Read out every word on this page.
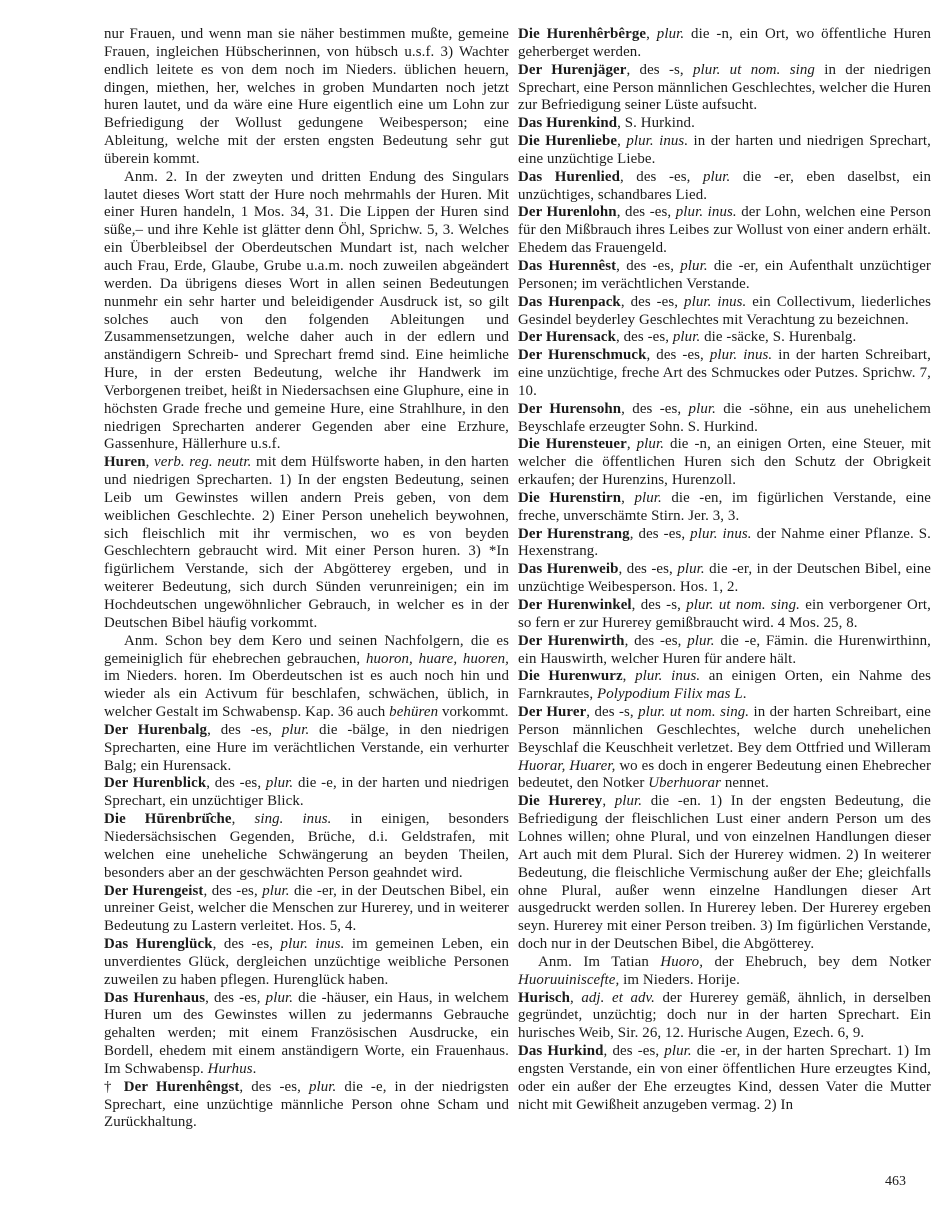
nur Frauen, und wenn man sie näher bestimmen mußte, gemeine Frauen, ingleichen Hübscherinnen, von hübsch u.s.f. 3) Wachter endlich leitete es von dem noch im Nieders. üblichen heuern, dingen, miethen, her, welches in groben Mundarten noch jetzt huren lautet, und da wäre eine Hure eigentlich eine um Lohn zur Befriedigung der Wollust gedungene Weibesperson; eine Ableitung, welche mit der ersten engsten Bedeutung sehr gut überein kommt.

Anm. 2. In der zweyten und dritten Endung des Singulars lautet dieses Wort statt der Hure noch mehrmahls der Huren. Mit einer Huren handeln, 1 Mos. 34, 31. Die Lippen der Huren sind süße,– und ihre Kehle ist glätter denn Öhl, Sprichw. 5, 3. Welches ein Überbleibsel der Oberdeutschen Mundart ist, nach welcher auch Frau, Erde, Glaube, Grube u.a.m. noch zuweilen abgeändert werden. Da übrigens dieses Wort in allen seinen Bedeutungen nunmehr ein sehr harter und beleidigender Ausdruck ist, so gilt solches auch von den folgenden Ableitungen und Zusammensetzungen, welche daher auch in der edlern und anständigern Schreib- und Sprechart fremd sind. Eine heimliche Hure, in der ersten Bedeutung, welche ihr Handwerk im Verborgenen treibet, heißt in Niedersachsen eine Gluphure, eine in höchsten Grade freche und gemeine Hure, eine Strahlhure, in den niedrigen Sprecharten anderer Gegenden aber eine Erzhure, Gassenhure, Hällerhure u.s.f.

Huren, verb. reg. neutr. mit dem Hülfsworte haben, in den harten und niedrigen Sprecharten. 1) In der engsten Bedeutung, seinen Leib um Gewinstes willen andern Preis geben, von dem weiblichen Geschlechte. 2) Einer Person unehelich beywohnen, sich fleischlich mit ihr vermischen, wo es von beyden Geschlechtern gebraucht wird. Mit einer Person huren. 3) *In figürlichem Verstande, sich der Abgötterey ergeben, und in weiterer Bedeutung, sich durch Sünden verunreinigen; ein im Hochdeutschen ungewöhnlicher Gebrauch, in welcher es in der Deutschen Bibel häufig vorkommt.

Anm. Schon bey dem Kero und seinen Nachfolgern, die es gemeiniglich für ehebrechen gebrauchen, huoron, huare, huoren, im Nieders. horen. Im Oberdeutschen ist es auch noch hin und wieder als ein Activum für beschlafen, schwächen, üblich, in welcher Gestalt im Schwabensp. Kap. 36 auch behüren vorkommt.

Der Hurenbalg, des -es, plur. die -bälge, in den niedrigen Sprecharten, eine Hure im verächtlichen Verstande, ein verhurter Balg; ein Hurensack.

Der Hurenblick, des -es, plur. die -e, in der harten und niedrigen Sprechart, ein unzüchtiger Blick.

Die Hūrenbrü̂che, sing. inus. in einigen, besonders Niedersächsischen Gegenden, Brüche, d.i. Geldstrafen, mit welchen eine uneheliche Schwängerung an beyden Theilen, besonders aber an der geschwächten Person geahndet wird.

Der Hurengeist, des -es, plur. die -er, in der Deutschen Bibel, ein unreiner Geist, welcher die Menschen zur Hurerey, und in weiterer Bedeutung zu Lastern verleitet. Hos. 5, 4.

Das Hurenglück, des -es, plur. inus. im gemeinen Leben, ein unverdientes Glück, dergleichen unzüchtige weibliche Personen zuweilen zu haben pflegen. Hurenglück haben.

Das Hurenhaus, des -es, plur. die -häuser, ein Haus, in welchem Huren um des Gewinstes willen zu jedermanns Gebrauche gehalten werden; mit einem Französischen Ausdrucke, ein Bordell, ehedem mit einem anständigern Worte, ein Frauenhaus. Im Schwabensp. Hurhus.

† Der Hurenhêngst, des -es, plur. die -e, in der niedrigsten Sprechart, eine unzüchtige männliche Person ohne Scham und Zurückhaltung.

Die Hurenhêrbêrge, plur. die -n, ein Ort, wo öffentliche Huren geherberget werden.

Der Hurenjäger, des -s, plur. ut nom. sing in der niedrigen Sprechart, eine Person männlichen Geschlechtes, welcher die Huren zur Befriedigung seiner Lüste aufsucht.

Das Hurenkind, S. Hurkind.

Die Hurenliebe, plur. inus. in der harten und niedrigen Sprechart, eine unzüchtige Liebe.

Das Hurenlied, des -es, plur. die -er, eben daselbst, ein unzüchtiges, schandbares Lied.

Der Hurenlohn, des -es, plur. inus. der Lohn, welchen eine Person für den Mißbrauch ihres Leibes zur Wollust von einer andern erhält. Ehedem das Frauengeld.

Das Hurennêst, des -es, plur. die -er, ein Aufenthalt unzüchtiger Personen; im verächtlichen Verstande.

Das Hurenpack, des -es, plur. inus. ein Collectivum, liederliches Gesindel beyderley Geschlechtes mit Verachtung zu bezeichnen.

Der Hurensack, des -es, plur. die -säcke, S. Hurenbalg.

Der Hurenschmuck, des -es, plur. inus. in der harten Schreibart, eine unzüchtige, freche Art des Schmuckes oder Putzes. Sprichw. 7, 10.

Der Hurensohn, des -es, plur. die -söhne, ein aus unehelichem Beyschlafe erzeugter Sohn. S. Hurkind.

Die Hurensteuer, plur. die -n, an einigen Orten, eine Steuer, mit welcher die öffentlichen Huren sich den Schutz der Obrigkeit erkaufen; der Hurenzins, Hurenzoll.

Die Hurenstirn, plur. die -en, im figürlichen Verstande, eine freche, unverschämte Stirn. Jer. 3, 3.

Der Hurenstrang, des -es, plur. inus. der Nahme einer Pflanze. S. Hexenstrang.

Das Hurenweib, des -es, plur. die -er, in der Deutschen Bibel, eine unzüchtige Weibesperson. Hos. 1, 2.

Der Hurenwinkel, des -s, plur. ut nom. sing. ein verborgener Ort, so fern er zur Hurerey gemißbraucht wird. 4 Mos. 25, 8.

Der Hurenwirth, des -es, plur. die -e, Fämin. die Hurenwirthinn, ein Hauswirth, welcher Huren für andere hält.

Die Hurenwurz, plur. inus. an einigen Orten, ein Nahme des Farnkrautes, Polypodium Filix mas L.

Der Hurer, des -s, plur. ut nom. sing. in der harten Schreibart, eine Person männlichen Geschlechtes, welche durch unehelichen Beyschlaf die Keuschheit verletzet. Bey dem Ottfried und Willeram Huorar, Huarer, wo es doch in engerer Bedeutung einen Ehebrecher bedeutet, den Notker Uberhuorar nennet.

Die Hurerey, plur. die -en. 1) In der engsten Bedeutung, die Befriedigung der fleischlichen Lust einer andern Person um des Lohnes willen; ohne Plural, und von einzelnen Handlungen dieser Art auch mit dem Plural. Sich der Hurerey widmen. 2) In weiterer Bedeutung, die fleischliche Vermischung außer der Ehe; gleichfalls ohne Plural, außer wenn einzelne Handlungen dieser Art ausgedruckt werden sollen. In Hurerey leben. Der Hurerey ergeben seyn. Hurerey mit einer Person treiben. 3) Im figürlichen Verstande, doch nur in der Deutschen Bibel, die Abgötterey.

Anm. Im Tatian Huoro, der Ehebruch, bey dem Notker Huoruuiniscefte, im Nieders. Horije.

Hurisch, adj. et adv. der Hurerey gemäß, ähnlich, in derselben gegründet, unzüchtig; doch nur in der harten Sprechart. Ein hurisches Weib, Sir. 26, 12. Hurische Augen, Ezech. 6, 9.

Das Hurkind, des -es, plur. die -er, in der harten Sprechart. 1) Im engsten Verstande, ein von einer öffentlichen Hure erzeugtes Kind, oder ein außer der Ehe erzeugtes Kind, dessen Vater die Mutter nicht mit Gewißheit anzugeben vermag. 2) In

463
